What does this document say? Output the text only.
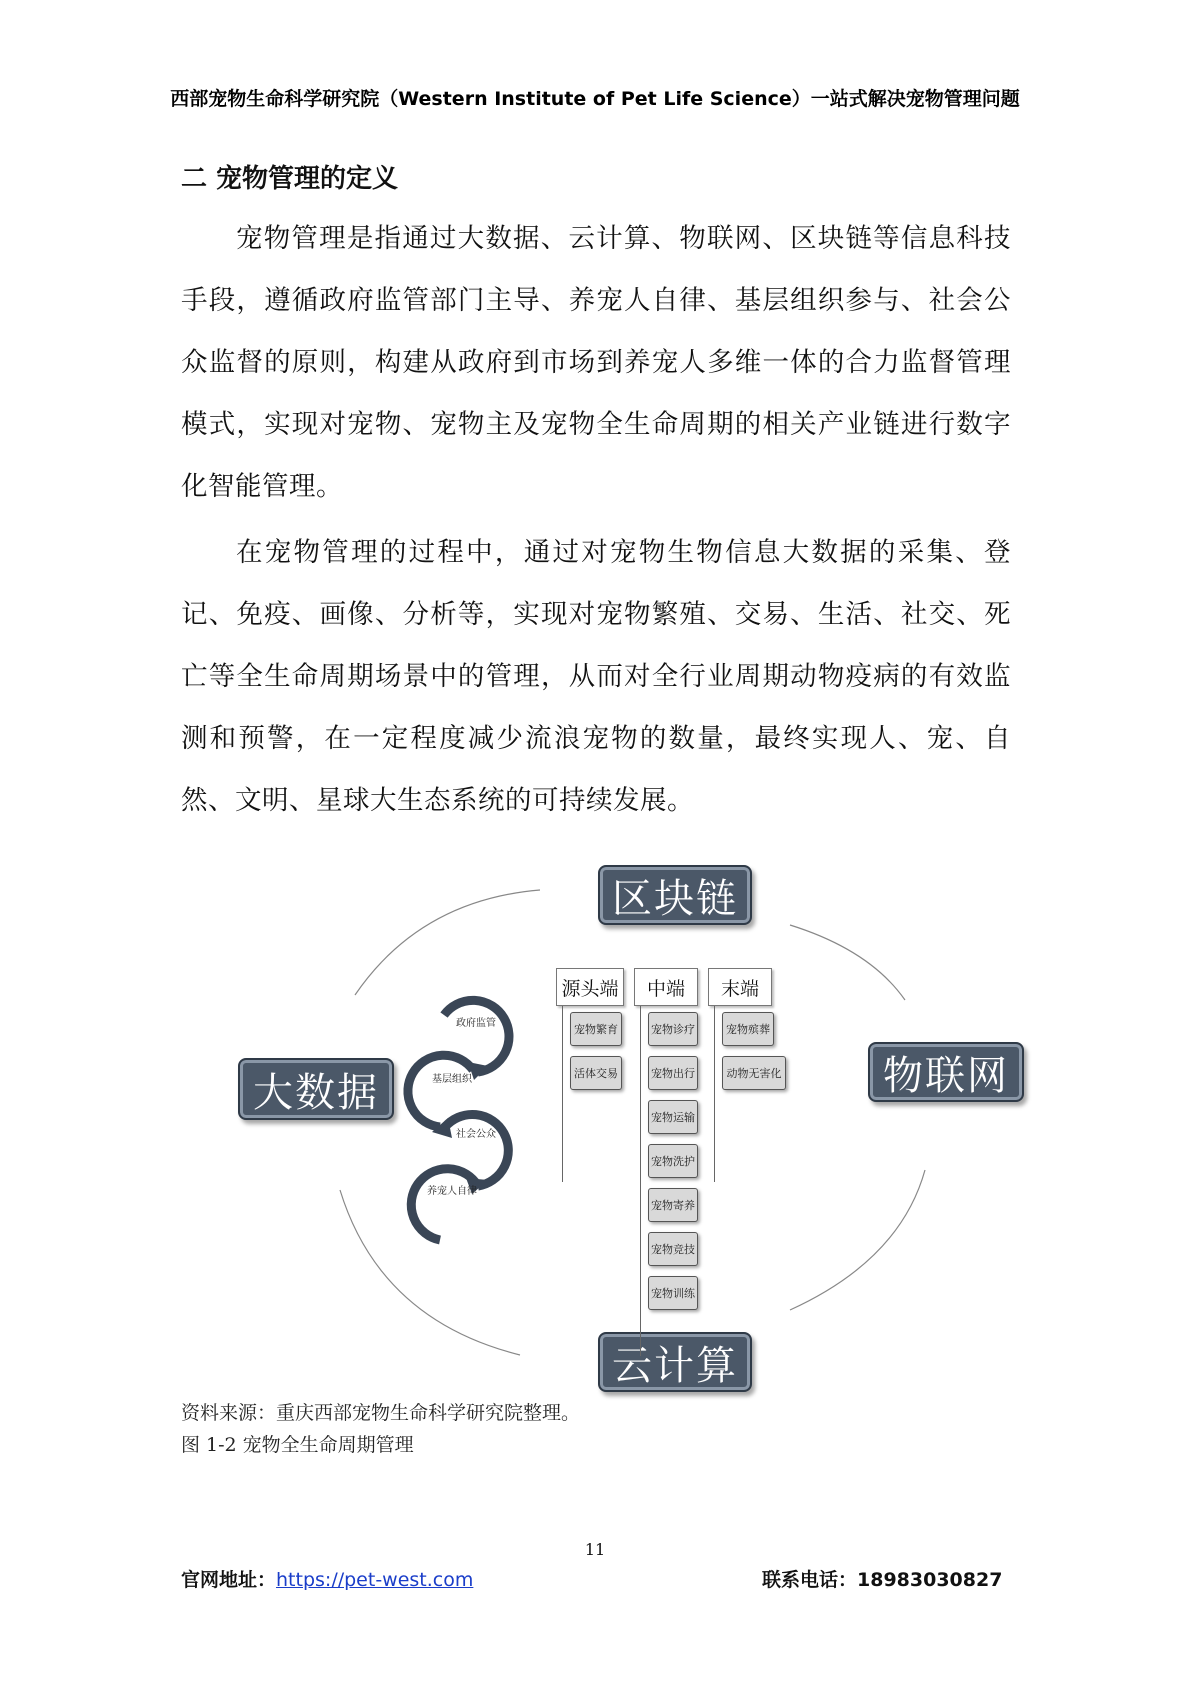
西部宠物生命科学研究院（Western Institute of Pet Life Science）一站式解决宠物管理问题
二 宠物管理的定义

宠物管理是指通过大数据、云计算、物联网、区块链等信息科技手段，遵循政府监管部门主导、养宠人自律、基层组织参与、社会公众监督的原则，构建从政府到市场到养宠人多维一体的合力监督管理模式，实现对宠物、宠物主及宠物全生命周期的相关产业链进行数字化智能管理。

在宠物管理的过程中，通过对宠物生物信息大数据的采集、登记、免疫、画像、分析等，实现对宠物繁殖、交易、生活、社交、死亡等全生命周期场景中的管理，从而对全行业周期动物疫病的有效监测和预警，在一定程度减少流浪宠物的数量，最终实现人、宠、自然、文明、星球大生态系统的可持续发展。

区块链
大数据	物联网
云计算
政府监管
基层组织
社会公众
养宠人自律
源头端	中端	末端
宠物繁育
活体交易
宠物诊疗
宠物出行
宠物运输
宠物洗护
宠物寄养
宠物竞技
宠物训练
宠物殡葬
动物无害化
资料来源：重庆西部宠物生命科学研究院整理。
图 1-2 宠物全生命周期管理
11
官网地址：https://pet-west.com	联系电话：18983030827
